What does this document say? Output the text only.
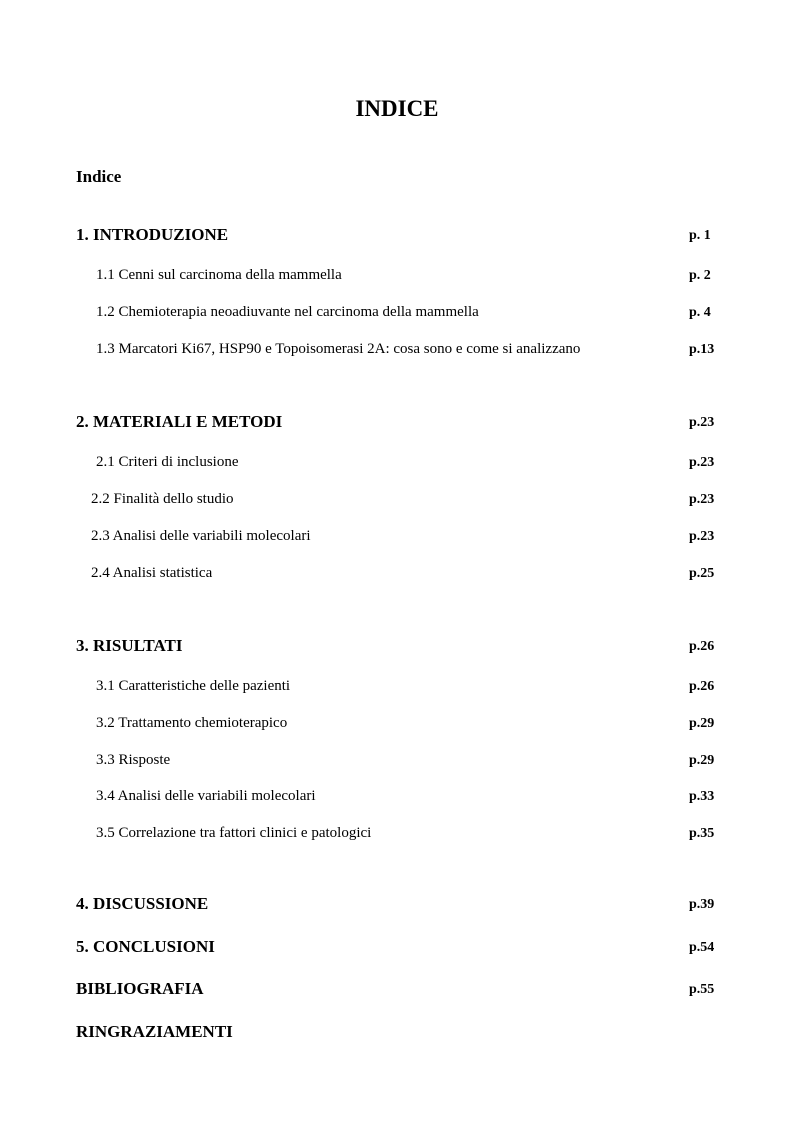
INDICE
Indice
1. INTRODUZIONE	p. 1
1.1 Cenni sul carcinoma della mammella	p. 2
1.2 Chemioterapia neoadiuvante nel carcinoma della mammella	p. 4
1.3 Marcatori Ki67, HSP90 e Topoisomerasi 2A: cosa sono e come si analizzano	p.13
2. MATERIALI E METODI	p.23
2.1 Criteri di inclusione	p.23
2.2 Finalità dello studio	p.23
2.3 Analisi delle variabili molecolari	p.23
2.4 Analisi statistica	p.25
3. RISULTATI	p.26
3.1 Caratteristiche delle pazienti	p.26
3.2 Trattamento chemioterapico	p.29
3.3 Risposte	p.29
3.4 Analisi delle variabili molecolari	p.33
3.5 Correlazione tra fattori clinici e patologici	p.35
4. DISCUSSIONE	p.39
5. CONCLUSIONI	p.54
BIBLIOGRAFIA	p.55
RINGRAZIAMENTI
